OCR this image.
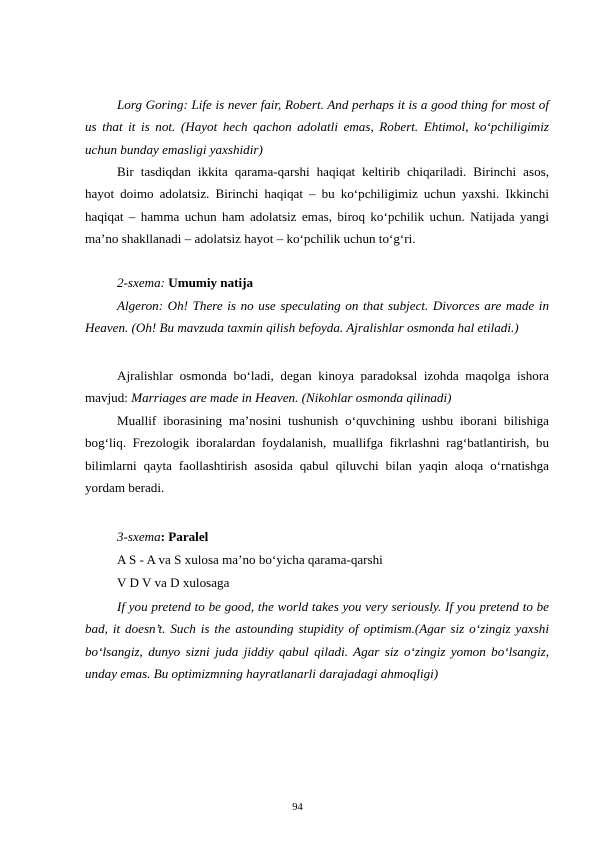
Lorg Goring: Life is never fair, Robert. And perhaps it is a good thing for most of us that it is not. (Hayot hech qachon adolatli emas, Robert. Ehtimol, ko‘pchiligimiz uchun bunday emasligi yaxshidir)

Bir tasdiqdan ikkita qarama-qarshi haqiqat keltirib chiqariladi. Birinchi asos, hayot doimo adolatsiz. Birinchi haqiqat – bu ko‘pchiligimiz uchun yaxshi. Ikkinchi haqiqat – hamma uchun ham adolatsiz emas, biroq ko‘pchilik uchun. Natijada yangi ma’no shakllanadi – adolatsiz hayot – ko‘pchilik uchun to‘g‘ri.

2-sxema: Umumiy natija

Algeron: Oh! There is no use speculating on that subject. Divorces are made in Heaven. (Oh! Bu mavzuda taxmin qilish befoyda. Ajralishlar osmonda hal etiladi.)

Ajralishlar osmonda bo‘ladi, degan kinoya paradoksal izohda maqolga ishora mavjud: Marriages are made in Heaven. (Nikohlar osmonda qilinadi)

Muallif iborasining ma’nosini tushunish o‘quvchining ushbu iborani bilishiga bog‘liq. Frezologik iboralardan foydalanish, muallifga fikrlashni rag‘batlantirish, bu bilimlarni qayta faollashtirish asosida qabul qiluvchi bilan yaqin aloqa o‘rnatishga yordam beradi.

3-sxema: Paralel

A S - A va S xulosa ma’no bo‘yicha qarama-qarshi

V D V va D xulosaga

If you pretend to be good, the world takes you very seriously. If you pretend to be bad, it doesn’t. Such is the astounding stupidity of optimism.(Agar siz o‘zingiz yaxshi bo‘lsangiz, dunyo sizni juda jiddiy qabul qiladi. Agar siz o‘zingiz yomon bo‘lsangiz, unday emas. Bu optimizmning hayratlanarli darajadagi ahmoqligi)

94
